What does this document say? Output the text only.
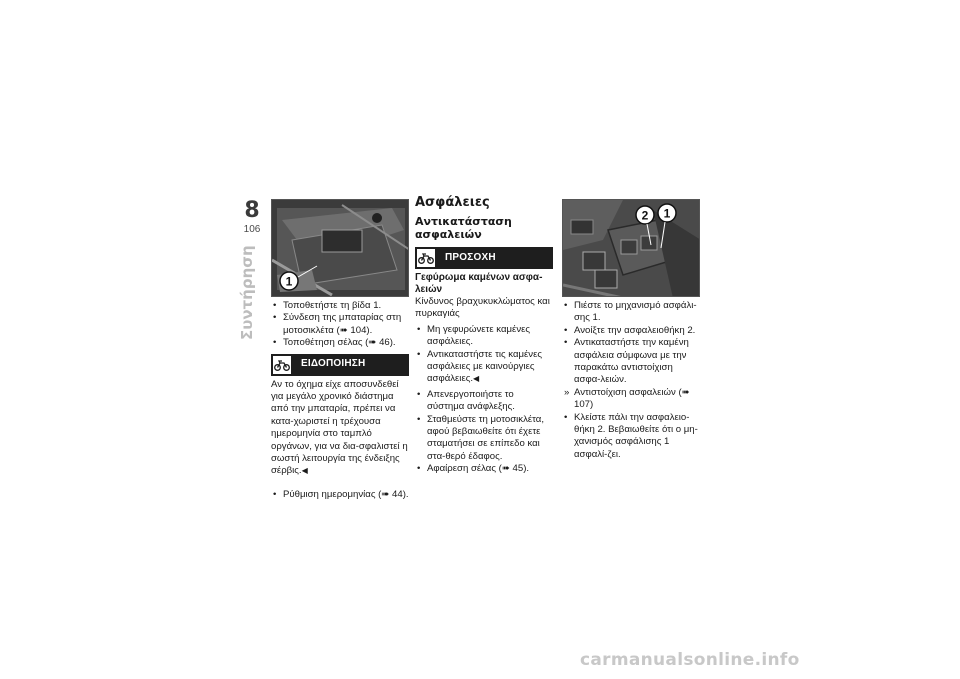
8
106
Συντήρηση 1
• Τοποθετήστε τη βίδα 1.
• Σύνδεση της μπαταρίας στη μοτοσικλέτα (➠ 104).
• Τοποθέτηση σέλας (➠ 46).
ΕΙΔΟΠΟΙΗΣΗ
Αν το όχημα είχε αποσυνδεθεί για μεγάλο χρονικό διάστημα από την μπαταρία, πρέπει να κατα-χωριστεί η τρέχουσα ημερομηνία στο ταμπλό οργάνων, για να δια-σφαλιστεί η σωστή λειτουργία της ένδειξης σέρβις.◀
• Ρύθμιση ημερομηνίας (➠ 44).
Ασφάλειες
Αντικατάσταση ασφαλειών
ΠΡΟΣΟΧΗ
Γεφύρωμα καμένων ασφα-λειών
Κίνδυνος βραχυκυκλώματος και πυρκαγιάς
• Μη γεφυρώνετε καμένες ασφάλειες.
• Αντικαταστήστε τις καμένες ασφάλειες με καινούργιες ασφάλειες.◀
• Απενεργοποιήστε το σύστημα ανάφλεξης.
• Σταθμεύστε τη μοτοσικλέτα, αφού βεβαιωθείτε ότι έχετε σταματήσει σε επίπεδο και στα-θερό έδαφος.
• Αφαίρεση σέλας (➠ 45).
2 1
• Πιέστε το μηχανισμό ασφάλι-σης 1.
• Ανοίξτε την ασφαλειοθήκη 2.
• Αντικαταστήστε την καμένη ασφάλεια σύμφωνα με την παρακάτω αντιστοίχιση ασφα-λειών.
» Αντιστοίχιση ασφαλειών (➠ 107)
• Κλείστε πάλι την ασφαλειο-θήκη 2. Βεβαιωθείτε ότι ο μη-χανισμός ασφάλισης 1 ασφαλί-ζει.
carmanualsonline.info
